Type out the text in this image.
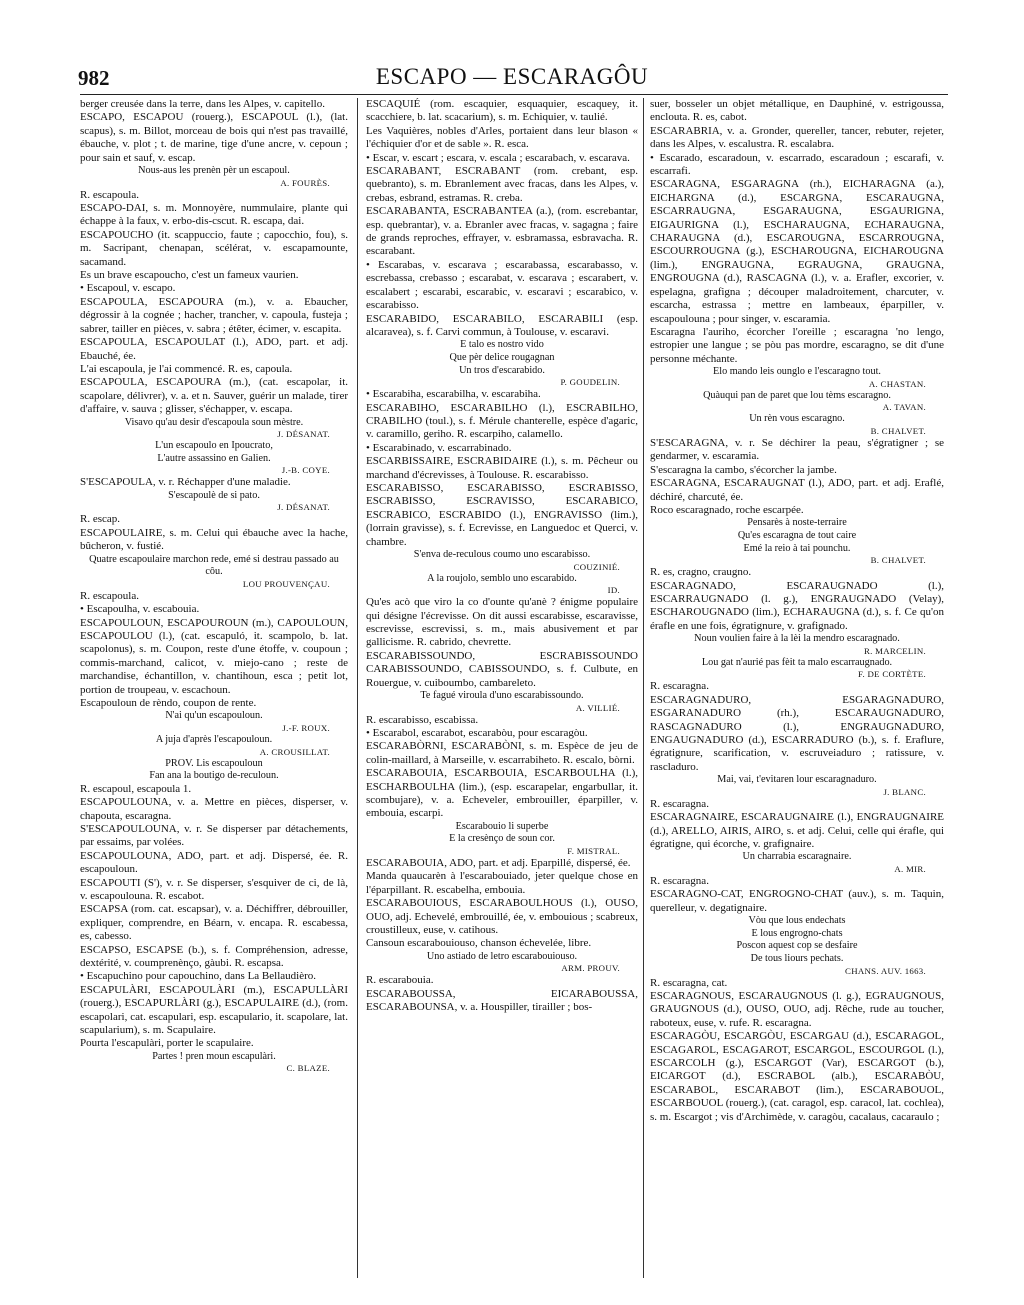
982	ESCAPO — ESCARAGÔU

berger creusée dans la terre, dans les Alpes, v. capitello.

ESCAPO, ESCAPOU (rouerg.), ESCAPOUL (l.), (lat. scapus), s. m. Billot, morceau de bois qui n'est pas travaillé, ébauche, v. plot ; t. de marine, tige d'une ancre, v. cepoun ; pour sain et sauf, v. escap.

Nous-aus les prenèn pèr un escapoul.

A. FOURÈS.

R. escapoula.

ESCAPO-DAI, s. m. Monnoyère, nummulaire, plante qui échappe à la faux, v. erbo-dis-cscut. R. escapa, dai.

ESCAPOUCHO (it. scappuccio, faute ; capocchio, fou), s. m. Sacripant, chenapan, scélérat, v. escapamounte, sacamand.

Es un brave escapoucho, c'est un fameux vaurien.

• Escapoul, v. escapo.

ESCAPOULA, ESCAPOURA (m.), v. a. Ebaucher, dégrossir à la cognée ; hacher, trancher, v. capoula, fusteja ; sabrer, tailler en pièces, v. sabra ; étêter, écimer, v. escapita.

ESCAPOULA, ESCAPOULAT (l.), ADO, part. et adj. Ebauché, ée.

L'ai escapoula, je l'ai commencé. R. es, capoula.

ESCAPOULA, ESCAPOURA (m.), (cat. escapolar, it. scapolare, délivrer), v. a. et n. Sauver, guérir un malade, tirer d'affaire, v. sauva ; glisser, s'échapper, v. escapa.

Visavo qu'au desir d'escapoula soun mèstre.

J. DÉSANAT.

L'un escapoulo en Ipoucrato,

L'autre assassino en Galien.

J.-B. COYE.

S'ESCAPOULA, v. r. Réchapper d'une maladie.

S'escapoulè de si pato.

J. DÉSANAT.

R. escap.

ESCAPOULAIRE, s. m. Celui qui ébauche avec la hache, bûcheron, v. fustié.

Quatre escapoulaire marchon rede, emé si destrau passado au côu.

LOU PROUVENÇAU.

R. escapoula.

• Escapoulha, v. escabouia.

ESCAPOULOUN, ESCAPOUROUN (m.), CAPOULOUN, ESCAPOULOU (l.), (cat. escapuló, it. scampolo, b. lat. scapolonus), s. m. Coupon, reste d'une étoffe, v. coupoun ; commis-marchand, calicot, v. miejo-cano ; reste de marchandise, échantillon, v. chantihoun, esca ; petit lot, portion de troupeau, v. escachoun.

Escapouloun de rèndo, coupon de rente.

N'ai qu'un escapouloun.

J.-F. ROUX.

A juja d'après l'escapouloun.

A. CROUSILLAT.

PROV. Lis escapouloun

Fan ana la boutigo de-reculoun.

R. escapoul, escapoula 1.

ESCAPOULOUNA, v. a. Mettre en pièces, disperser, v. chapouta, escaragna.

S'ESCAPOULOUNA, v. r. Se disperser par détachements, par essaims, par volées.

ESCAPOULOUNA, ADO, part. et adj. Dispersé, ée. R. escapouloun.

ESCAPOUTI (S'), v. r. Se disperser, s'esquiver de ci, de là, v. escapoulouna. R. escabot.

ESCAPSA (rom. cat. escapsar), v. a. Déchiffrer, débrouiller, expliquer, comprendre, en Béarn, v. encapa. R. escabessa, es, cabesso.

ESCAPSO, ESCAPSE (b.), s. f. Compréhension, adresse, dextérité, v. coumprenènço, gàubi. R. escapsa.

• Escapuchino pour capouchino, dans La Bellaudièro.

ESCAPULÀRI, ESCAPOULÀRI (m.), ESCAPULLÀRI (rouerg.), ESCAPURLÀRI (g.), ESCAPULAIRE (d.), (rom. escapolari, cat. escapulari, esp. escapulario, it. scapolare, lat. scapularium), s. m. Scapulaire.

Pourta l'escapulàri, porter le scapulaire.

Partes ! pren moun escapulàri.

C. BLAZE.

ESCAQUIÉ (rom. escaquier, esquaquier, escaquey, it. scacchiere, b. lat. scacarium), s. m. Echiquier, v. taulié.

Les Vaquières, nobles d'Arles, portaient dans leur blason « l'échiquier d'or et de sable ». R. esca.

• Escar, v. escart ; escara, v. escala ; escarabach, v. escarava.

ESCARABANT, ESCRABANT (rom. crebant, esp. quebranto), s. m. Ebranlement avec fracas, dans les Alpes, v. crebas, esbrand, estramas. R. creba.

ESCARABANTA, ESCRABANTEA (a.), (rom. escrebantar, esp. quebrantar), v. a. Ebranler avec fracas, v. sagagna ; faire de grands reproches, effrayer, v. esbramassa, esbravacha. R. escarabant.

• Escarabas, v. escarava ; escarabassa, escarabasso, v. escrebassa, crebasso ; escarabat, v. escarava ; escarabert, v. escalabert ; escarabi, escarabic, v. escaravi ; escarabico, v. escarabisso.

ESCARABIDO, ESCARABILO, ESCARABILI (esp. alcaravea), s. f. Carvi commun, à Toulouse, v. escaravi.

E talo es nostro vido

Que pèr delice rougagnan

Un tros d'escarabido.

P. GOUDELIN.

• Escarabiha, escarabilha, v. escarabiha.

ESCARABIHO, ESCARABILHO (l.), ESCRABILHO, CRABILHO (toul.), s. f. Mérule chanterelle, espèce d'agaric, v. caramillo, geriho. R. escarpiho, calamello.

• Escarabinado, v. escarrabinado.

ESCARBISSAIRE, ESCRABIDAIRE (l.), s. m. Pêcheur ou marchand d'écrevisses, à Toulouse. R. escarabisso.

ESCARABISSO, ESCARABISSO, ESCRABISSO, ESCRABISSO, ESCRAVISSO, ESCARABICO, ESCRABICO, ESCRABIDO (l.), ENGRAVISSO (lim.), (lorrain gravisse), s. f. Ecrevisse, en Languedoc et Querci, v. chambre.

S'enva de-reculous coumo uno escarabisso.

COUZINIÉ.

A la roujolo, semblo uno escarabido.

ID.

Qu'es acò que viro la co d'ounte qu'anè ? énigme populaire qui désigne l'écrevisse. On dit aussi escarabisse, escaravisse, escrevisse, escrevissi, s. m., mais abusivement et par gallicisme. R. cabrido, chevrette.

ESCARABISSOUNDO, ESCRABISSOUNDO CARABISSOUNDO, CABISSOUNDO, s. f. Culbute, en Rouergue, v. cuiboumbo, cambareleto.

Te fagué viroula d'uno escarabissoundo.

A. VILLIÉ.

R. escarabisso, escabissa.

• Escarabol, escarabot, escarabòu, pour escaragòu.

ESCARABÒRNI, ESCARABÒNI, s. m. Espèce de jeu de colin-maillard, à Marseille, v. escarrabiheto. R. escalo, bòrni.

ESCARABOUIA, ESCARBOUIA, ESCARBOULHA (l.), ESCHARBOULHA (lim.), (esp. escarapelar, engarbullar, it. scombujare), v. a. Echeveler, embrouiller, éparpiller, v. embouia, escarpi.

Escarabouio li superbe

E la cresènço de soun cor.

F. MISTRAL.

ESCARABOUIA, ADO, part. et adj. Eparpillé, dispersé, ée.

Manda quaucarèn à l'escarabouiado, jeter quelque chose en l'éparpillant. R. escabelha, embouia.

ESCARABOUIOUS, ESCARABOULHOUS (l.), OUSO, OUO, adj. Echevelé, embrouillé, ée, v. embouious ; scabreux, croustilleux, euse, v. catihous.

Cansoun escarabouiouso, chanson échevelée, libre.

Uno astiado de letro escarabouiouso.

ARM. PROUV.

R. escarabouia.

ESCARABOUSSA, EICARABOUSSA, ESCARABOUNSA, v. a. Houspiller, tirailler ; bos-

suer, bosseler un objet métallique, en Dauphiné, v. estrigoussa, enclouta. R. es, cabot.

ESCARABRIA, v. a. Gronder, quereller, tancer, rebuter, rejeter, dans les Alpes, v. escalustra. R. escalabra.

• Escarado, escaradoun, v. escarrado, escaradoun ; escarafi, v. escarrafi.

ESCARAGNA, ESGARAGNA (rh.), EICHARAGNA (a.), EICHARGNA (d.), ESCARGNA, ESCARAUGNA, ESCARRAUGNA, ESGARAUGNA, ESGAURIGNA, EIGAURIGNA (l.), ESCHARAUGNA, ECHARAUGNA, CHARAUGNA (d.), ESCAROUGNA, ESCARROUGNA, ESCOURROUGNA (g.), ESCHAROUGNA, EICHAROUGNA (lim.), ENGRAUGNA, EGRAUGNA, GRAUGNA, ENGROUGNA (d.), RASCAGNA (l.), v. a. Erafler, excorier, v. espelagna, grafigna ; découper maladroitement, charcuter, v. escarcha, estrassa ; mettre en lambeaux, éparpiller, v. escapoulouna ; pour singer, v. escaramia.

Escaragna l'auriho, écorcher l'oreille ; escaragna 'no lengo, estropier une langue ; se pòu pas mordre, escaragno, se dit d'une personne méchante.

Elo mando leis ounglo e l'escaragno tout.

A. CHASTAN.

Quàuqui pan de paret que lou tèms escaragno.

A. TAVAN.

Un rèn vous escaragno.

B. CHALVET.

S'ESCARAGNA, v. r. Se déchirer la peau, s'égratigner ; se gendarmer, v. escaramia.

S'escaragna la cambo, s'écorcher la jambe.

ESCARAGNA, ESCARAUGNAT (l.), ADO, part. et adj. Eraflé, déchiré, charcuté, ée.

Roco escaragnado, roche escarpée.

Pensarès à noste-terraire

Qu'es escaragna de tout caire

Emé la reio à tai pounchu.

B. CHALVET.

R. es, cragno, craugno.

ESCARAGNADO, ESCARAUGNADO (l.), ESCARRAUGNADO (l. g.), ENGRAUGNADO (Velay), ESCHAROUGNADO (lim.), ECHARAUGNA (d.), s. f. Ce qu'on érafle en une fois, égratignure, v. grafignado.

Noun voulien faire à la lèi la mendro escaragnado.

R. MARCELIN.

Lou gat n'aurié pas fèit ta malo escarraugnado.

F. DE CORTÈTE.

R. escaragna.

ESCARAGNADURO, ESGARAGNADURO, ESGARANADURO (rh.), ESCARAUGNADURO, RASCAGNADURO (l.), ENGRAUGNADURO, ENGAUGNADURO (d.), ESCARRADURO (b.), s. f. Eraflure, égratignure, scarification, v. escruveiaduro ; ratissure, v. rascladuro.

Mai, vai, t'evitaren lour escaragnaduro.

J. BLANC.

R. escaragna.

ESCARAGNAIRE, ESCARAUGNAIRE (l.), ENGRAUGNAIRE (d.), ARELLO, AIRIS, AIRO, s. et adj. Celui, celle qui érafle, qui égratigne, qui écorche, v. grafignaire.

Un charrabia escaragnaire.

A. MIR.

R. escaragna.

ESCARAGNO-CAT, ENGROGNO-CHAT (auv.), s. m. Taquin, querelleur, v. degatignaire.

Vòu que lous endechats

E lous engrogno-chats

Poscon aquest cop se desfaire

De tous liours pechats.

CHANS. AUV. 1663.

R. escaragna, cat.

ESCARAGNOUS, ESCARAUGNOUS (l. g.), EGRAUGNOUS, GRAUGNOUS (d.), OUSO, OUO, adj. Rêche, rude au toucher, raboteux, euse, v. rufe. R. escaragna.

ESCARAGÒU, ESCARGÒU, ESCARGAU (d.), ESCARAGOL, ESCAGAROL, ESCAGAROT, ESCARGOL, ESCOURGOL (l.), ESCARCOLH (g.), ESCARGOT (Var), ESCARGOT (b.), EICARGOT (d.), ESCRABOL (alb.), ESCARABÒU, ESCARABOL, ESCARABOT (lim.), ESCARABOUOL, ESCARBOUOL (rouerg.), (cat. caragol, esp. caracol, lat. cochlea), s. m. Escargot ; vis d'Archimède, v. caragòu, cacalaus, cacaraulo ;
